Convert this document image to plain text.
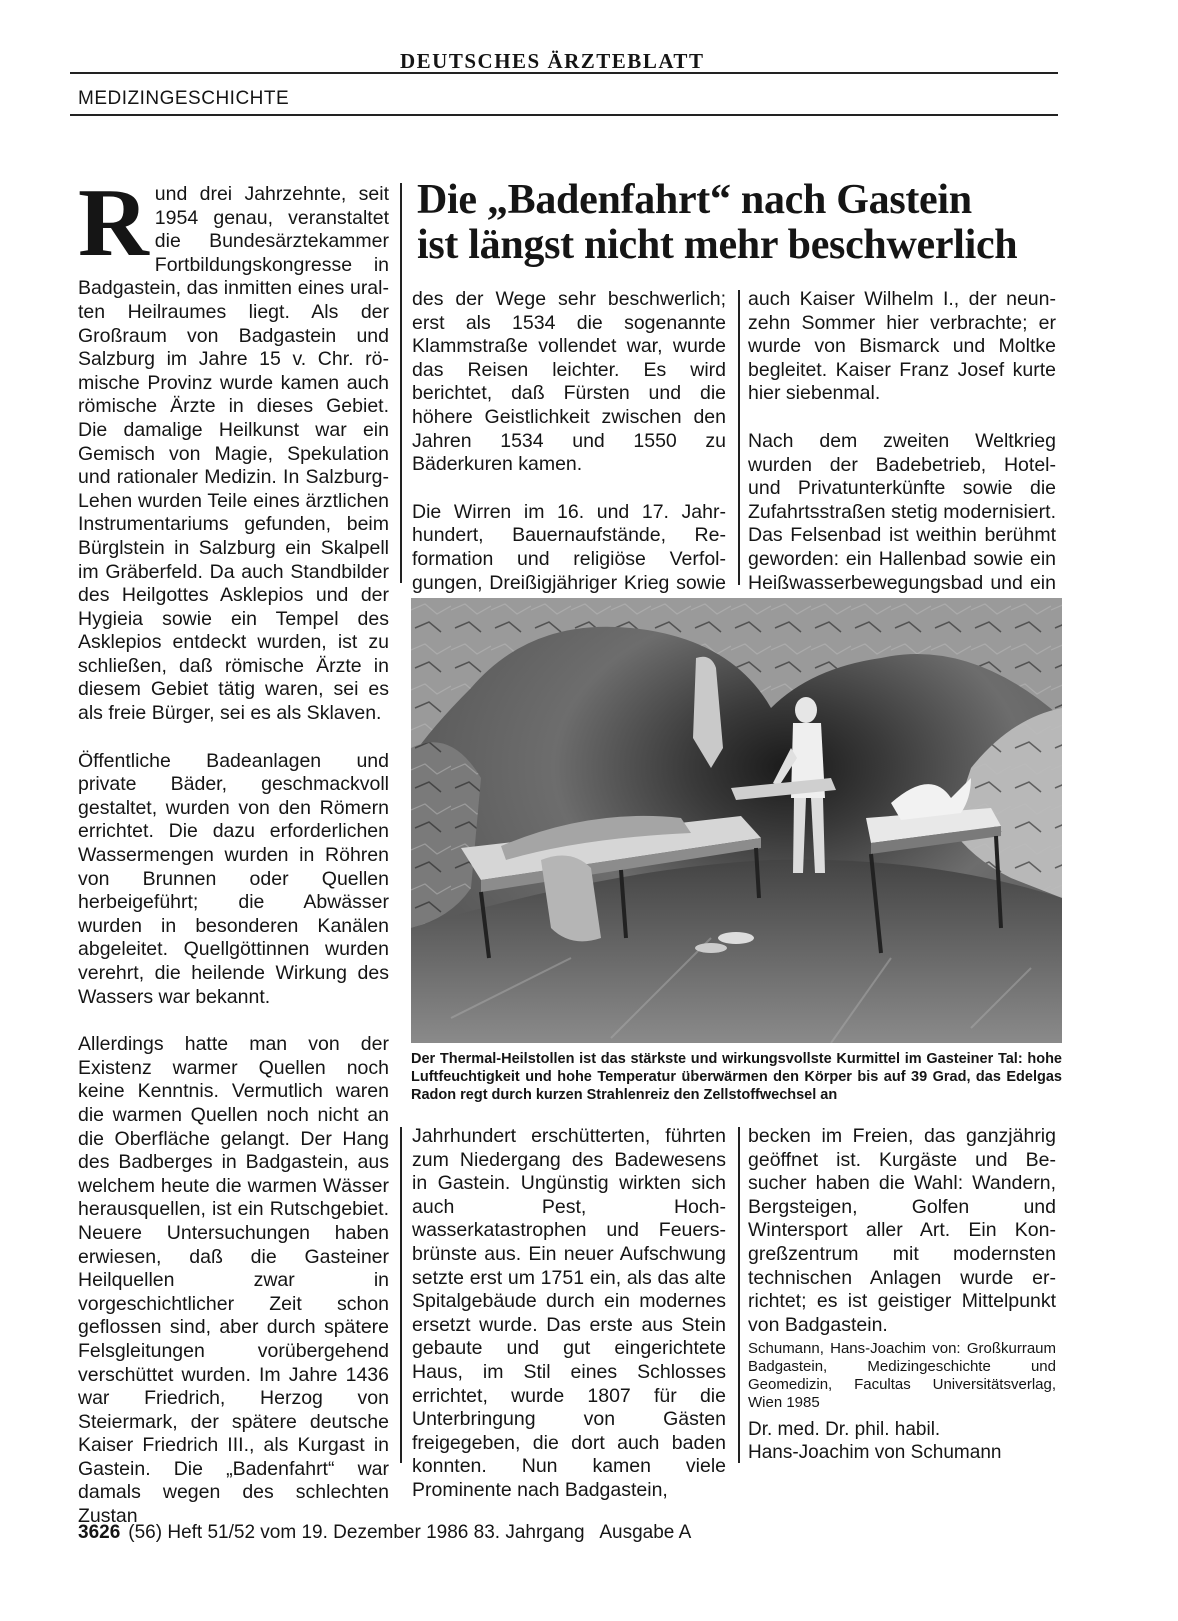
DEUTSCHES ÄRZTEBLATT
MEDIZINGESCHICHTE

Rund drei Jahrzehnte, seit 1954 genau, veranstaltet die Bundesärztekammer Fortbildungskongresse in Badgastein, das inmitten eines uralten Heilraumes liegt. Als der Großraum von Badgastein und Salzburg im Jahre 15 v. Chr. römische Provinz wurde kamen auch römische Ärzte in dieses Gebiet. Die damalige Heilkunst war ein Gemisch von Magie, Spekulation und rationaler Medizin. In Salzburg-Lehen wurden Teile eines ärztlichen Instrumentariums gefunden, beim Bürglstein in Salzburg ein Skalpell im Gräberfeld. Da auch Standbilder des Heilgottes Asklepios und der Hygieia sowie ein Tempel des Asklepios entdeckt wurden, ist zu schließen, daß römische Ärzte in diesem Gebiet tätig waren, sei es als freie Bürger, sei es als Sklaven.

Öffentliche Badeanlagen und private Bäder, geschmackvoll gestaltet, wurden von den Römern errichtet. Die dazu erforderlichen Wassermengen wurden in Röhren von Brunnen oder Quellen herbeigeführt; die Abwässer wurden in besonderen Kanälen abgeleitet. Quellgöttinnen wurden verehrt, die heilende Wirkung des Wassers war bekannt.

Allerdings hatte man von der Existenz warmer Quellen noch keine Kenntnis. Vermutlich waren die warmen Quellen noch nicht an die Oberfläche gelangt. Der Hang des Badberges in Badgastein, aus welchem heute die warmen Wässer herausquellen, ist ein Rutschgebiet. Neuere Untersuchungen haben erwiesen, daß die Gasteiner Heilquellen zwar in vorgeschichtlicher Zeit schon geflossen sind, aber durch spätere Felsgleitungen vorübergehend verschüttet wurden. Im Jahre 1436 war Friedrich, Herzog von Steiermark, der spätere deutsche Kaiser Friedrich III., als Kurgast in Gastein. Die „Badenfahrt“ war damals wegen des schlechten Zustan

Die „Badenfahrt“ nach Gastein
ist längst nicht mehr beschwerlich

des der Wege sehr beschwerlich; erst als 1534 die sogenannte Klammstraße vollendet war, wurde das Reisen leichter. Es wird berichtet, daß Fürsten und die höhere Geistlichkeit zwischen den Jahren 1534 und 1550 zu Bäderkuren kamen.

Die Wirren im 16. und 17. Jahrhundert, Bauernaufstände, Reformation und religiöse Verfolgungen, Dreißigjähriger Krieg sowie

auch Kaiser Wilhelm I., der neunzehn Sommer hier verbrachte; er wurde von Bismarck und Moltke begleitet. Kaiser Franz Josef kurte hier siebenmal.

Nach dem zweiten Weltkrieg wurden der Badebetrieb, Hotel- und Privatunterkünfte sowie die Zufahrtsstraßen stetig modernisiert. Das Felsenbad ist weithin berühmt geworden: ein Hallenbad sowie ein Heißwasserbewegungsbad und ein

Der Thermal-Heilstollen ist das stärkste und wirkungsvollste Kurmittel im Gasteiner Tal: hohe Luftfeuchtigkeit und hohe Temperatur überwärmen den Körper bis auf 39 Grad, das Edelgas Radon regt durch kurzen Strahlenreiz den Zellstoffwechsel an

Jahrhundert erschütterten, führten zum Niedergang des Badewesens in Gastein. Ungünstig wirkten sich auch Pest, Hochwasserkatastrophen und Feuersbrünste aus. Ein neuer Aufschwung setzte erst um 1751 ein, als das alte Spitalgebäude durch ein modernes ersetzt wurde. Das erste aus Stein gebaute und gut eingerichtete Haus, im Stil eines Schlosses errichtet, wurde 1807 für die Unterbringung von Gästen freigegeben, die dort auch baden konnten. Nun kamen viele Prominente nach Badgastein,

becken im Freien, das ganzjährig geöffnet ist. Kurgäste und Besucher haben die Wahl: Wandern, Bergsteigen, Golfen und Wintersport aller Art. Ein Kongreßzentrum mit modernsten technischen Anlagen wurde errichtet; es ist geistiger Mittelpunkt von Badgastein.

Schumann, Hans-Joachim von: Großkurraum Badgastein, Medizingeschichte und Geomedizin, Facultas Universitätsverlag, Wien 1985

Dr. med. Dr. phil. habil.
Hans-Joachim von Schumann
3626 (56) Heft 51/52 vom 19. Dezember 1986 83. Jahrgang   Ausgabe A
